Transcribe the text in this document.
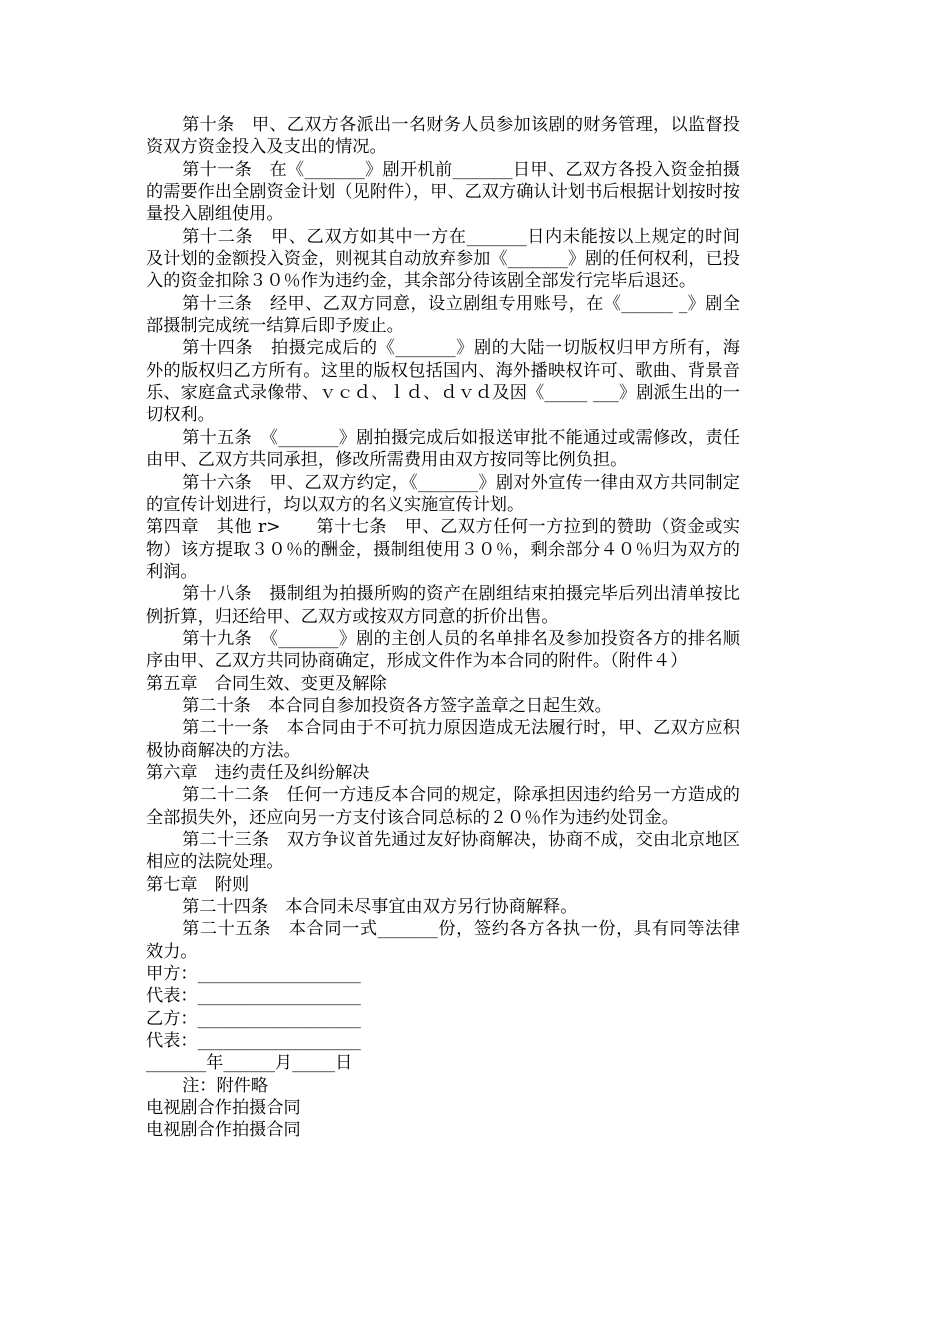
第十条　甲、乙双方各派出一名财务人员参加该剧的财务管理，以监督投资双方资金投入及支出的情况。

第十一条　在《_______》剧开机前_______日甲、乙双方各投入资金拍摄的需要作出全剧资金计划（见附件），甲、乙双方确认计划书后根据计划按时按量投入剧组使用。

第十二条　甲、乙双方如其中一方在_______日内未能按以上规定的时间及计划的金额投入资金，则视其自动放弃参加《_______》剧的任何权利，已投入的资金扣除３０％作为违约金，其余部分待该剧全部发行完毕后退还。

第十三条　经甲、乙双方同意，设立剧组专用账号，在《______ _》剧全部摄制完成统一结算后即予废止。

第十四条　拍摄完成后的《_______》剧的大陆一切版权归甲方所有，海外的版权归乙方所有。这里的版权包括国内、海外播映权许可、歌曲、背景音乐、家庭盒式录像带、ｖｃｄ、ｌｄ、ｄｖｄ及因《_____ ___》剧派生出的一切权利。

第十五条　《_______》剧拍摄完成后如报送审批不能通过或需修改，责任由甲、乙双方共同承担，修改所需费用由双方按同等比例负担。

第十六条　甲、乙双方约定，《_______》剧对外宣传一律由双方共同制定的宣传计划进行，均以双方的名义实施宣传计划。

第四章　其他 r>　　第十七条　甲、乙双方任何一方拉到的赞助（资金或实物）该方提取３０％的酬金，摄制组使用３０％，剩余部分４０％归为双方的利润。

第十八条　摄制组为拍摄所购的资产在剧组结束拍摄完毕后列出清单按比例折算，归还给甲、乙双方或按双方同意的折价出售。

第十九条　《_______》剧的主创人员的名单排名及参加投资各方的排名顺序由甲、乙双方共同协商确定，形成文件作为本合同的附件。（附件４）

第五章　合同生效、变更及解除

第二十条　本合同自参加投资各方签字盖章之日起生效。

第二十一条　本合同由于不可抗力原因造成无法履行时，甲、乙双方应积极协商解决的方法。

第六章　违约责任及纠纷解决

第二十二条　任何一方违反本合同的规定，除承担因违约给另一方造成的全部损失外，还应向另一方支付该合同总标的２０％作为违约处罚金。

第二十三条　双方争议首先通过友好协商解决，协商不成，交由北京地区相应的法院处理。

第七章　附则

第二十四条　本合同未尽事宜由双方另行协商解释。

第二十五条　本合同一式_______份，签约各方各执一份，具有同等法律效力。

甲方：___________________

代表：___________________

乙方：___________________

代表：___________________

_______年______月_____日

注：附件略

电视剧合作拍摄合同

电视剧合作拍摄合同
